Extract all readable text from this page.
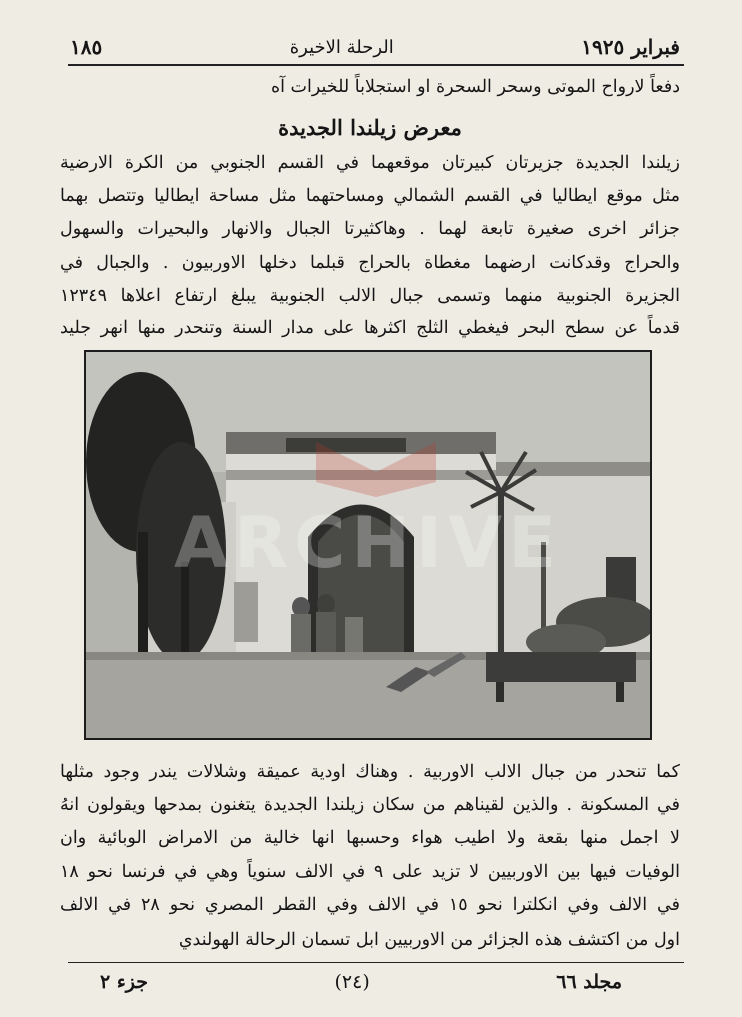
فبراير ١٩٢٥
الرحلة الاخيرة
١٨٥
دفعاً لارواح الموتى وسحر السحرة او استجلاباً للخيرات آه
معرض زيلندا الجديدة
زيلندا الجديدة جزيرتان كبيرتان موقعهما في القسم الجنوبي من الكرة الارضية
مثل موقع ايطاليا في القسم الشمالي ومساحتهما مثل مساحة ايطاليا وتتصل بهما
جزائر اخرى صغيرة تابعة لهما . وهاكثيرتا الجبال والانهار والبحيرات والسهول
والحراج وقدكانت ارضهما مغطاة بالحراج قبلما دخلها الاوربيون . والجبال في
الجزيرة الجنوبية منهما وتسمى جبال الالب الجنوبية يبلغ ارتفاع اعلاها ١٢٣٤٩
قدماً عن سطح البحر فيغطي الثلج اكثرها على مدار السنة وتنحدر منها انهر جليد
ARCHIVE
كما تنحدر من جبال الالب الاوربية . وهناك اودية عميقة وشلالات يندر وجود مثلها
في المسكونة . والذين لقيناهم من سكان زيلندا الجديدة يتغنون بمدحها ويقولون انهُ
لا اجمل منها بقعة ولا اطيب هواء وحسبها انها خالية من الامراض الوبائية وان
الوفيات فيها بين الاوربيين لا تزيد على ٩ في الالف سنوياً وهي في فرنسا نحو ١٨
في الالف وفي انكلترا نحو ١٥ في الالف وفي القطر المصري نحو ٢٨ في الالف
اول من اكتشف هذه الجزائر من الاوربيين ابل تسمان الرحالة الهولندي
مجلد ٦٦
(٢٤)
جزء ٢
